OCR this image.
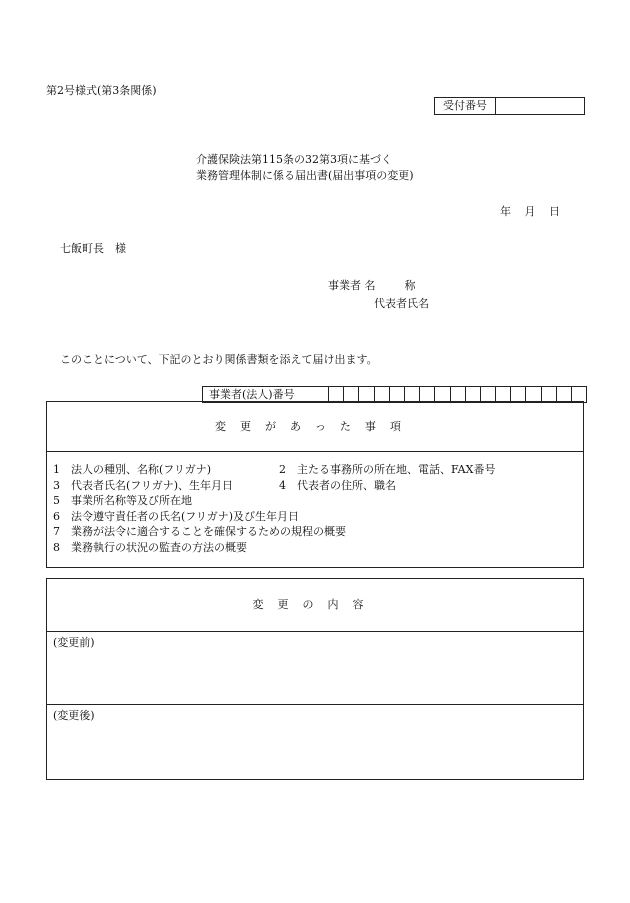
第2号様式(第3条関係)
受付番号
介護保険法第115条の32第3項に基づく
業務管理体制に係る届出書(届出事項の変更)
年 月 日
七飯町長　様
事業者 名 　　 称
代表者氏名
このことについて、下記のとおり関係書類を添えて届け出ます。
事業者(法人)番号
変更があった事項
1　法人の種別、名称(フリガナ)	2　主たる事務所の所在地、電話、FAX番号
3　代表者氏名(フリガナ)、生年月日	4　代表者の住所、職名
5　事業所名称等及び所在地
6　法令遵守責任者の氏名(フリガナ)及び生年月日
7　業務が法令に適合することを確保するための規程の概要
8　業務執行の状況の監査の方法の概要
変更の内容
(変更前)
(変更後)
